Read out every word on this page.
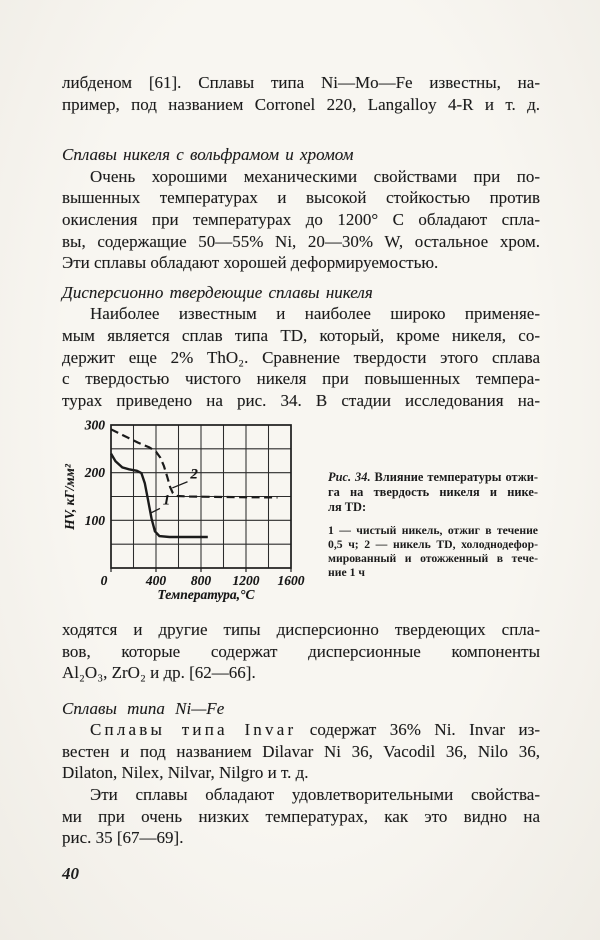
либденом [61]. Сплавы типа Ni—Mo—Fe известны, на-
пример, под названием Corronel 220, Langalloy 4-R и т. д.

Сплавы никеля с вольфрамом и хромом

Очень хорошими механическими свойствами при по-
вышенных температурах и высокой стойкостью против
окисления при температурах до 1200° С обладают спла-
вы, содержащие 50—55% Ni, 20—30% W, остальное хром.
Эти сплавы обладают хорошей деформируемостью.

Дисперсионно твердеющие сплавы никеля

Наиболее известным и наиболее широко применяе-
мым является сплав типа TD, который, кроме никеля, со-
держит еще 2% ThO₂. Сравнение твердости этого сплава
с твердостью чистого никеля при повышенных темпера-
турах приведено на рис. 34. В стадии исследования на-

1
2
0	400 800 1200 1600
100
200
300
Температура,°С
HV, кГ/мм²	Рис. 34. Влияние температуры отжи-
га на твердость никеля и нике-
ля TD:
1 — чистый никель, отжиг в течение
0,5 ч; 2 — никель TD, холоднодефор-
мированный и отожженный в тече-
ние 1 ч

ходятся и другие типы дисперсионно твердеющих спла-
вов, которые содержат дисперсионные компоненты
Al₂O₃, ZrO₂ и др. [62—66].

Сплавы типа Ni—Fe

Сплавы типа Invar содержат 36% Ni. Invar из-
вестен и под названием Dilavar Ni 36, Vacodil 36, Nilo 36,
Dilaton, Nilex, Nilvar, Nilgro и т. д.

Эти сплавы обладают удовлетворительными свойства-
ми при очень низких температурах, как это видно на
рис. 35 [67—69].

40
